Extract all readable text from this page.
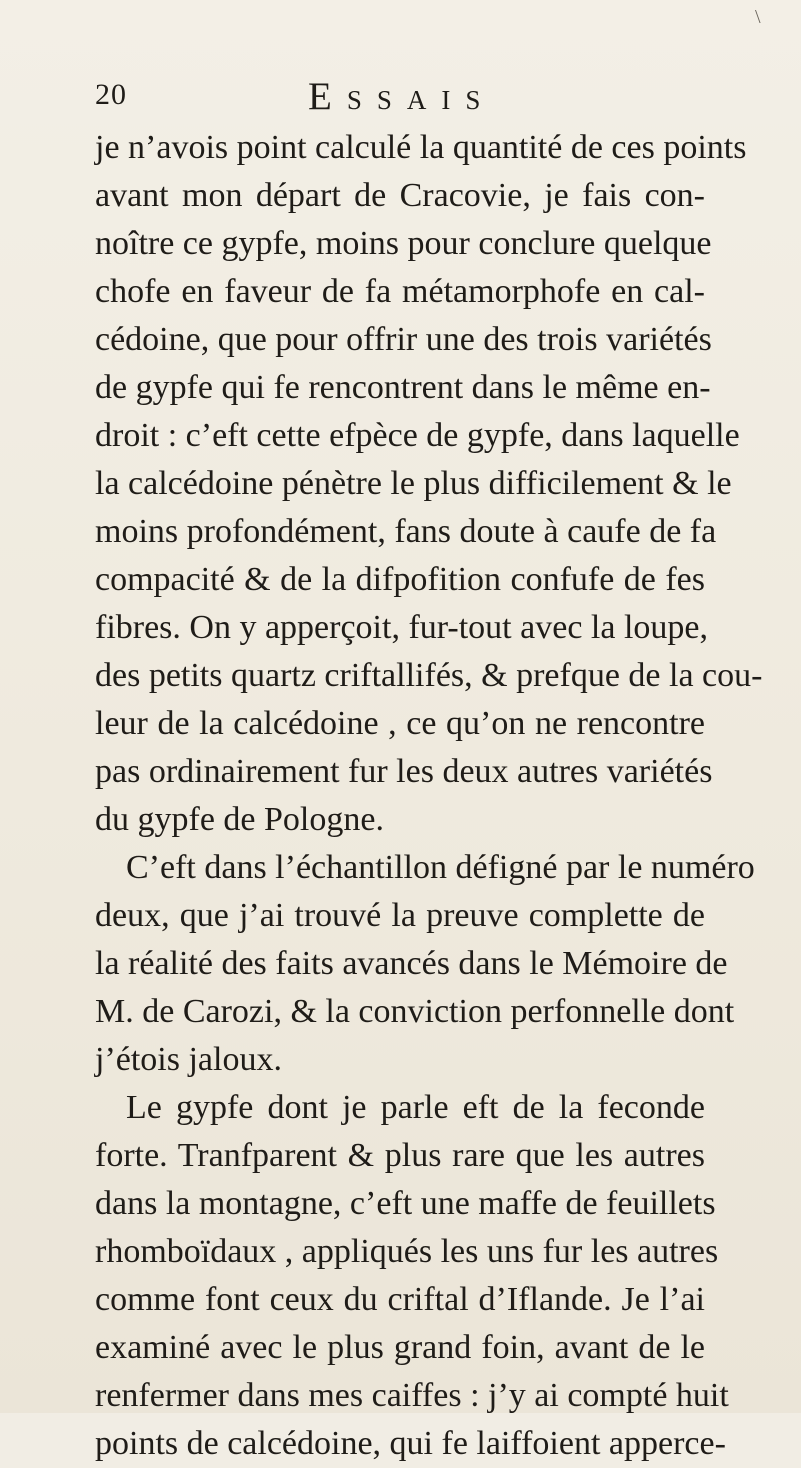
\
20	Essais
je n’avois point calculé la quantité de ces points
avant mon départ de Cracovie, je fais con-
noître ce gypfe, moins pour conclure quelque
chofe en faveur de fa métamorphofe en cal-
cédoine, que pour offrir une des trois variétés
de gypfe qui fe rencontrent dans le même en-
droit : c’eft cette efpèce de gypfe, dans laquelle
la calcédoine pénètre le plus difficilement & le
moins profondément, fans doute à caufe de fa
compacité & de la difpofition confufe de fes
fibres. On y apperçoit, fur-tout avec la loupe,
des petits quartz criftallifés, & prefque de la cou-
leur de la calcédoine , ce qu’on ne rencontre
pas ordinairement fur les deux autres variétés
du gypfe de Pologne.
C’eft dans l’échantillon défigné par le numéro
deux, que j’ai trouvé la preuve complette de
la réalité des faits avancés dans le Mémoire de
M. de Carozi, & la conviction perfonnelle dont
j’étois jaloux.
Le gypfe dont je parle eft de la feconde
forte. Tranfparent & plus rare que les autres
dans la montagne, c’eft une maffe de feuillets
rhomboïdaux , appliqués les uns fur les autres
comme font ceux du criftal d’Iflande. Je l’ai
examiné avec le plus grand foin, avant de le
renfermer dans mes caiffes : j’y ai compté huit
points de calcédoine, qui fe laiffoient apperce-
